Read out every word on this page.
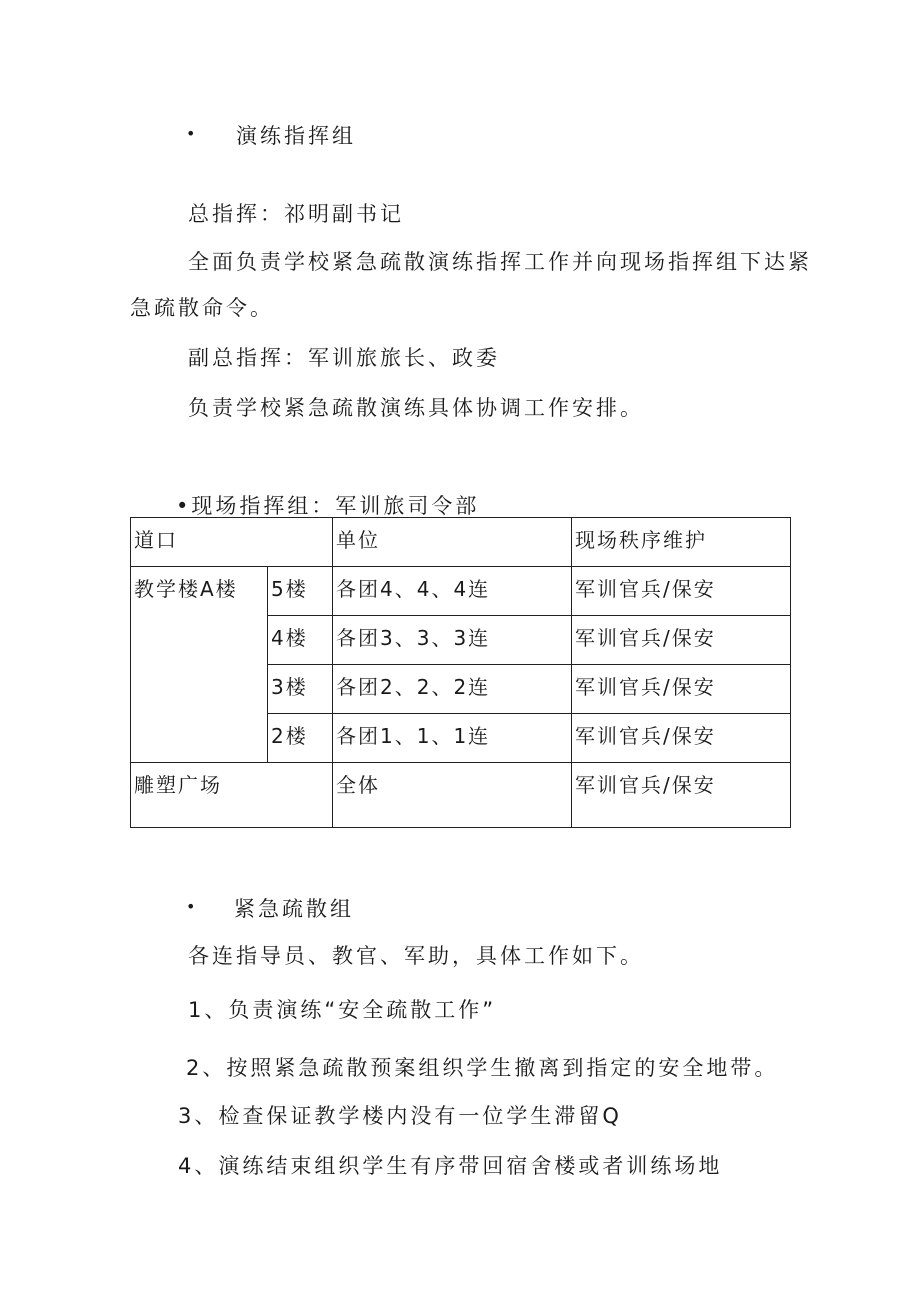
• 演练指挥组
总指挥：祁明副书记
全面负责学校紧急疏散演练指挥工作并向现场指挥组下达紧
急疏散命令。
副总指挥：军训旅旅长、政委
负责学校紧急疏散演练具体协调工作安排。
•现场指挥组：军训旅司令部
道口		单位	现场秩序维护
教学楼A楼	5楼	各团4、4、4连	军训官兵/保安
	4楼	各团3、3、3连	军训官兵/保安
	3楼	各团2、2、2连	军训官兵/保安
	2楼	各团1、1、1连	军训官兵/保安
雕塑广场		全体	军训官兵/保安
• 紧急疏散组
各连指导员、教官、军助，具体工作如下。
1、负责演练“安全疏散工作”
2、按照紧急疏散预案组织学生撤离到指定的安全地带。
3、检查保证教学楼内没有一位学生滞留Q
4、演练结束组织学生有序带回宿舍楼或者训练场地
